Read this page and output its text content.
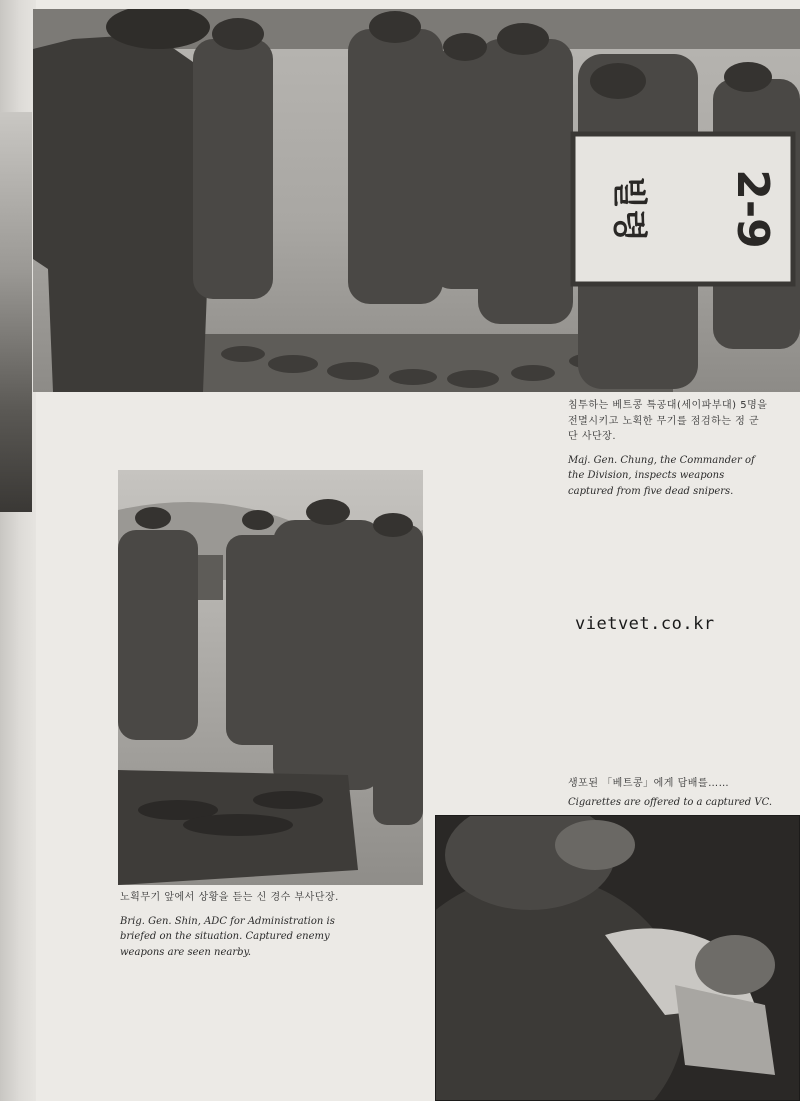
빌령 2-9
침투하는 베트콩 특공대(세이파부대) 5명을 전멸시키고 노획한 무기를 점검하는 정 군단 사단장.
Maj. Gen. Chung, the Commander of the Division, inspects weapons captured from five dead snipers.
노획무기 앞에서 상황을 듣는 신 경수 부사단장.
Brig. Gen. Shin, ADC for Administration is briefed on the situation. Captured enemy weapons are seen nearby.
vietvet.co.kr
생포된 「베트콩」에게 담배를……
Cigarettes are offered to a captured VC.
